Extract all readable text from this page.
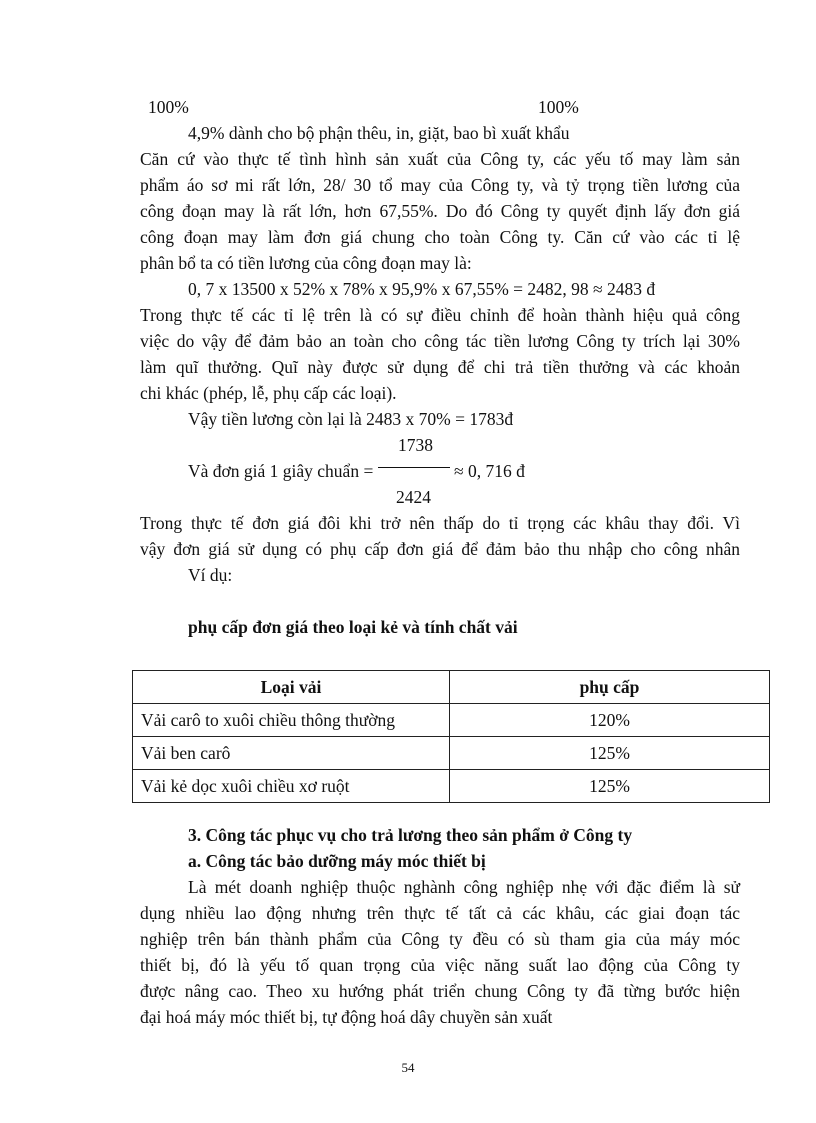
100%	100%
4,9% dành cho bộ phận thêu, in, giặt, bao bì xuất khẩu
Căn cứ vào thực tế tình hình sản xuất của Công ty, các yếu tố may làm sản
phẩm áo sơ mi rất lớn, 28/ 30 tổ may của Công ty, và tỷ trọng tiền lương của
công đoạn may là rất lớn, hơn 67,55%. Do đó Công ty quyết định lấy đơn giá
công đoạn may làm đơn giá chung cho toàn Công ty. Căn cứ vào các tỉ lệ
phân bổ ta có tiền lương của công đoạn may là:
0, 7 x 13500 x 52% x 78% x 95,9% x 67,55% = 2482, 98 ≈ 2483 đ
Trong thực tế các tỉ lệ trên là có sự điều chỉnh để hoàn thành hiệu quả công
việc do vậy để đảm bảo an toàn cho công tác tiền lương Công ty trích lại 30%
làm quĩ thưởng. Quĩ này được sử dụng để chi trả tiền thưởng và các khoản
chi khác (phép, lễ, phụ cấp các loại).
Vậy tiền lương còn lại là 2483 x 70% = 1783đ
1738
Và đơn giá 1 giây chuẩn =	≈ 0, 716 đ
2424
Trong thực tế đơn giá đôi khi trở nên thấp do tỉ trọng các khâu thay đổi. Vì
vậy đơn giá sử dụng có phụ cấp đơn giá để đảm bảo thu nhập cho công nhân
Ví dụ:
phụ cấp đơn giá theo loại kẻ và tính chất vải
Loại vải	phụ cấp
Vải carô to xuôi chiều thông thường	120%
Vải ben carô	125%
Vải kẻ dọc xuôi chiều xơ ruột	125%
3. Công tác phục vụ cho trả lương theo sản phẩm ở Công ty
a. Công tác bảo dưỡng máy móc thiết bị
Là mét doanh nghiệp thuộc nghành công nghiệp nhẹ với đặc điểm là sử
dụng nhiều lao động nhưng trên thực tế tất cả các khâu, các giai đoạn tác
nghiệp trên bán thành phẩm của Công ty đều có sù tham gia của máy móc
thiết bị, đó là yếu tố quan trọng của việc năng suất lao động của Công ty
được nâng cao. Theo xu hướng phát triển chung Công ty đã từng bước hiện
đại hoá máy móc thiết bị, tự động hoá dây chuyền sản xuất
54
